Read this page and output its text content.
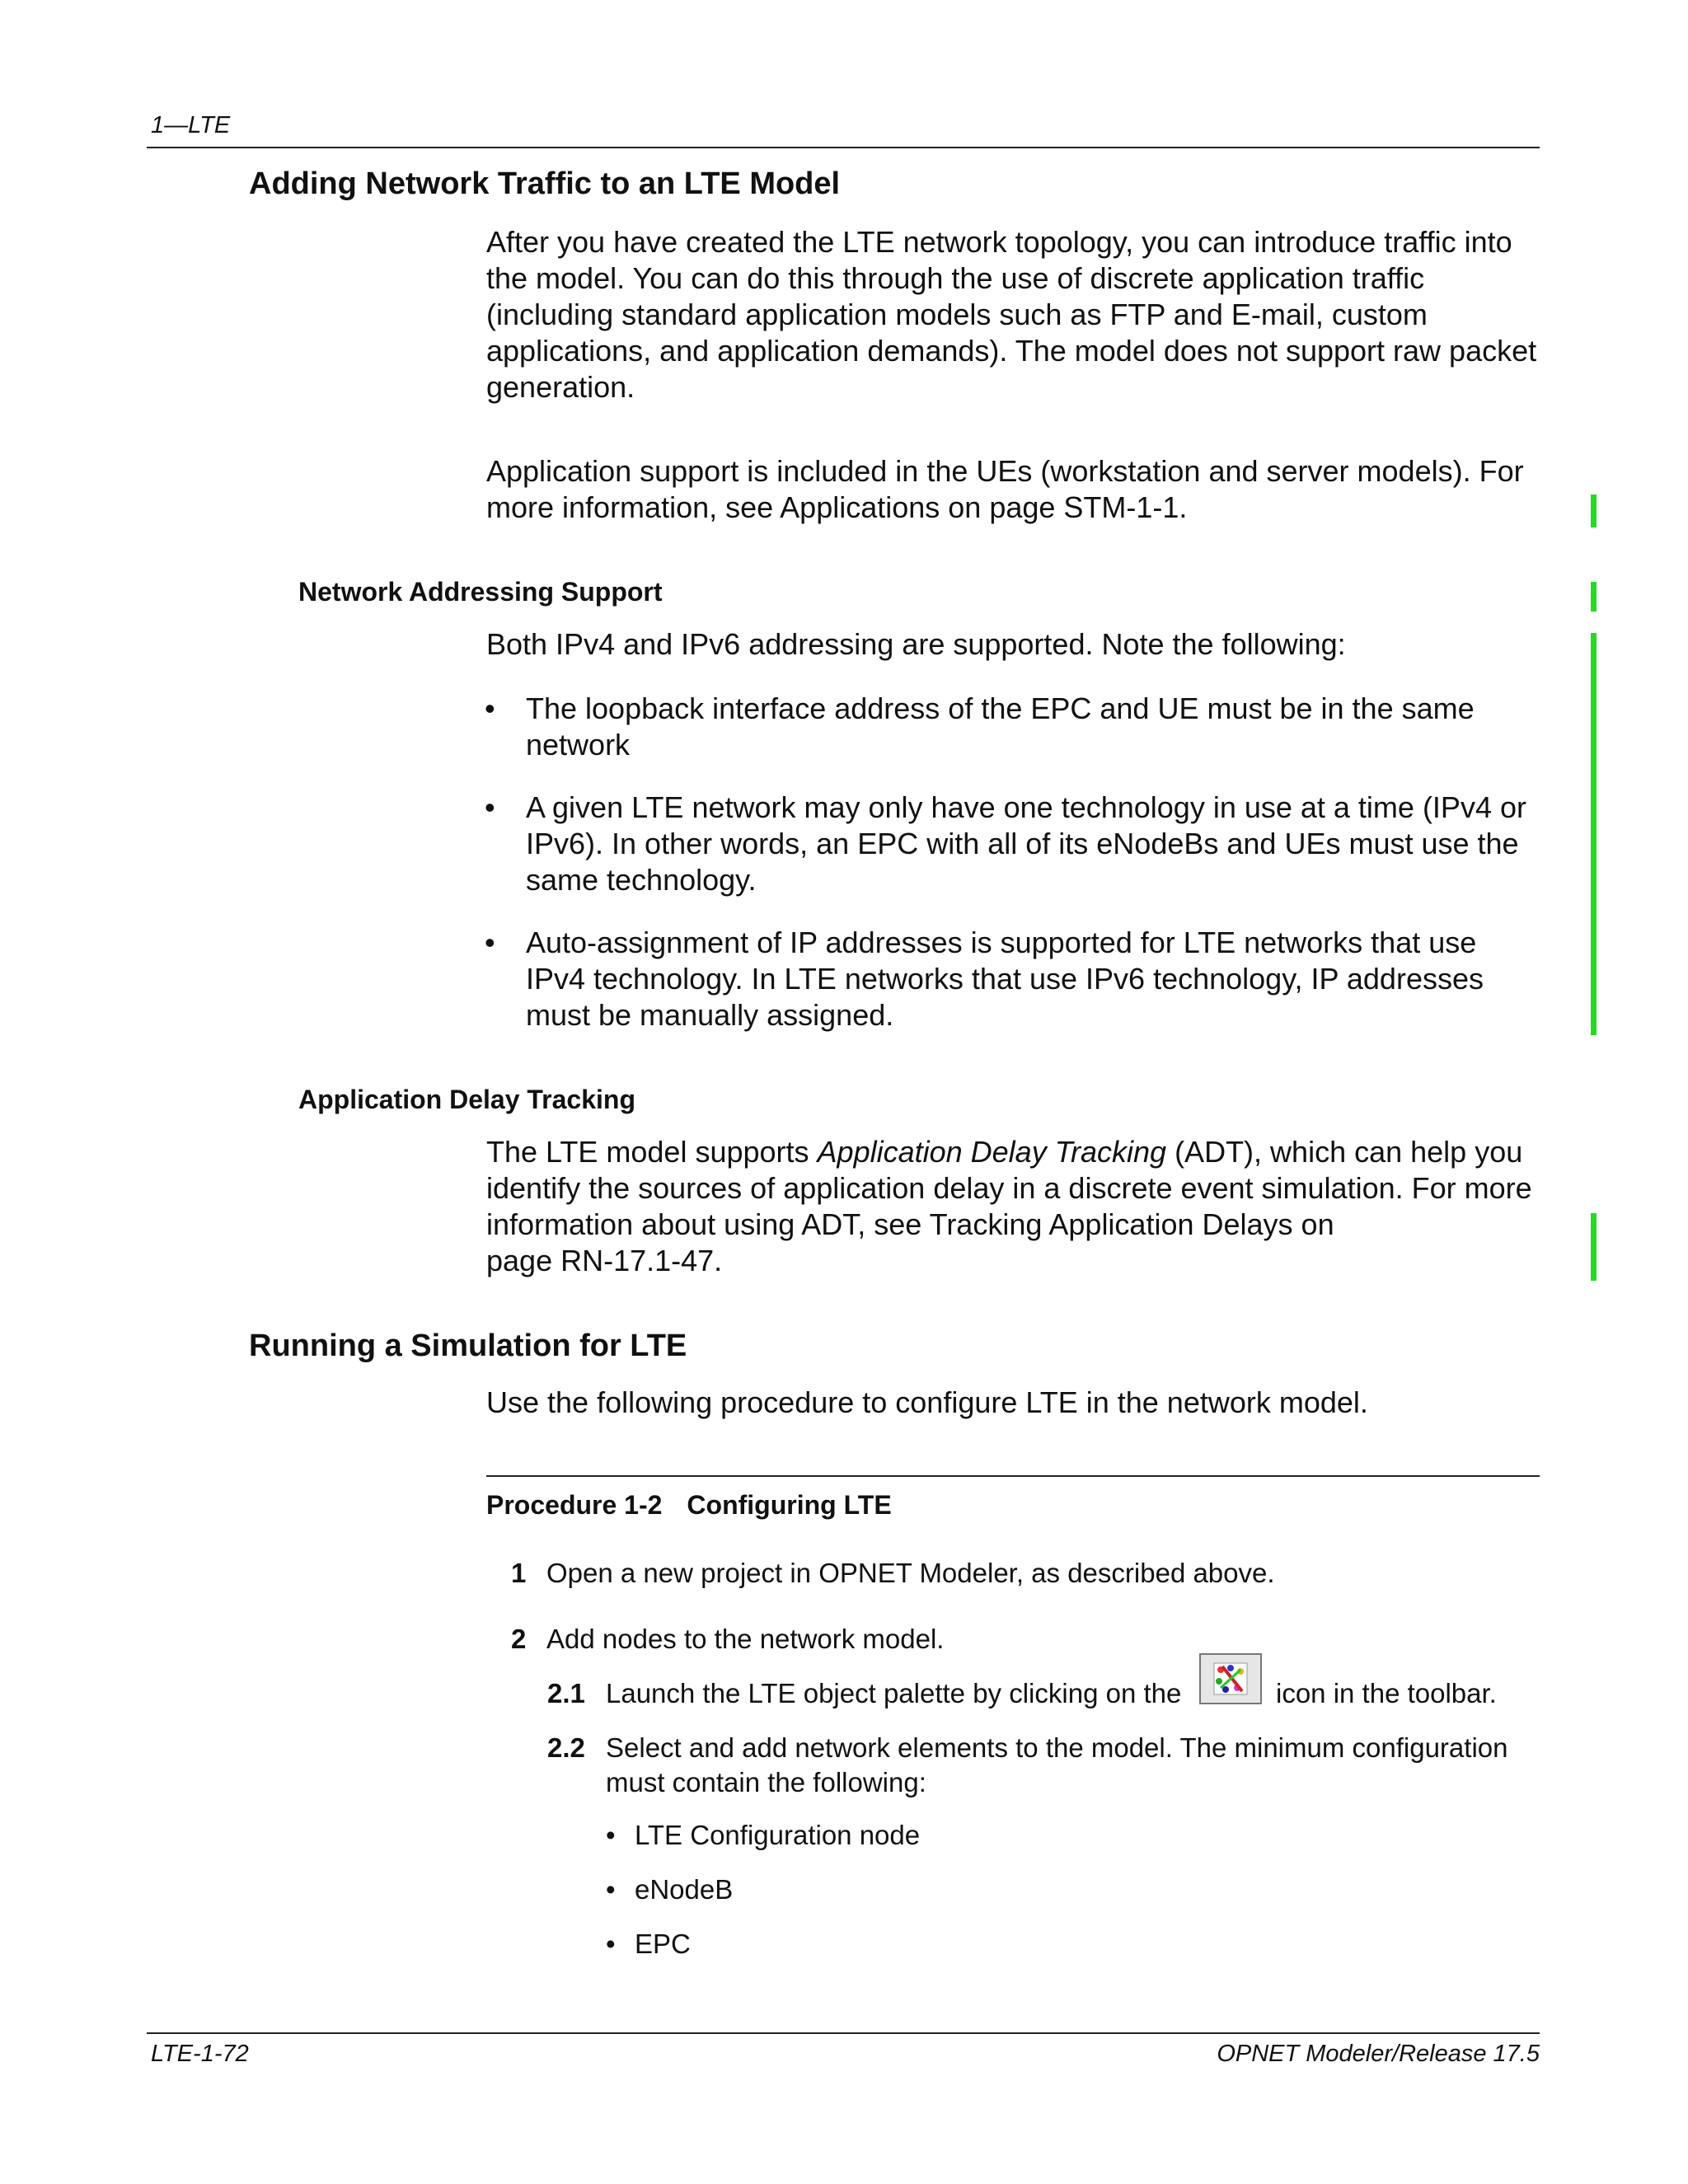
1—LTE
Adding Network Traffic to an LTE Model
After you have created the LTE network topology, you can introduce traffic into
the model. You can do this through the use of discrete application traffic
(including standard application models such as FTP and E-mail, custom
applications, and application demands). The model does not support raw packet
generation.
Application support is included in the UEs (workstation and server models). For
more information, see Applications on page STM-1-1.
Network Addressing Support
Both IPv4 and IPv6 addressing are supported. Note the following:
• The loopback interface address of the EPC and UE must be in the same
network
• A given LTE network may only have one technology in use at a time (IPv4 or
IPv6). In other words, an EPC with all of its eNodeBs and UEs must use the
same technology.
• Auto-assignment of IP addresses is supported for LTE networks that use
IPv4 technology. In LTE networks that use IPv6 technology, IP addresses
must be manually assigned.
Application Delay Tracking
The LTE model supports Application Delay Tracking (ADT), which can help you
identify the sources of application delay in a discrete event simulation. For more
information about using ADT, see Tracking Application Delays on
page RN-17.1-47.
Running a Simulation for LTE
Use the following procedure to configure LTE in the network model.
Procedure 1-2 Configuring LTE
1 Open a new project in OPNET Modeler, as described above.
2 Add nodes to the network model.
2.1 Launch the LTE object palette by clicking on the	icon in the toolbar.
2.2 Select and add network elements to the model. The minimum configuration
must contain the following:
• LTE Configuration node
• eNodeB
• EPC
LTE-1-72	OPNET Modeler/Release 17.5
